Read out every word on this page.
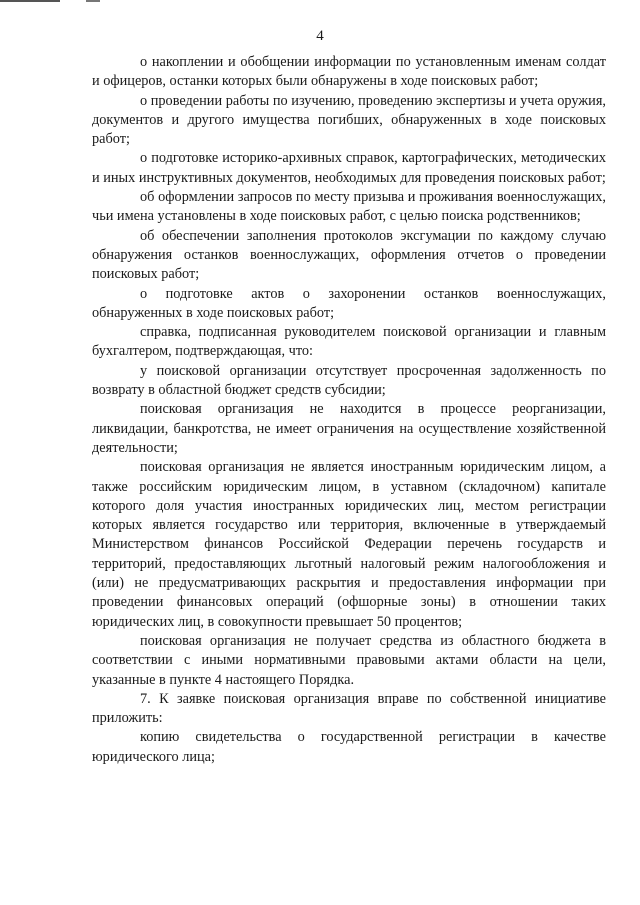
4

о накоплении и обобщении информации по установленным именам солдат и офицеров, останки которых были обнаружены в ходе поисковых работ;

о проведении работы по изучению, проведению экспертизы и учета оружия, документов и другого имущества погибших, обнаруженных в ходе поисковых работ;

о подготовке историко-архивных справок, картографических, методических и иных инструктивных документов, необходимых для проведения поисковых работ;

об оформлении запросов по месту призыва и проживания военнослужащих, чьи имена установлены в ходе поисковых работ, с целью поиска родственников;

об обеспечении заполнения протоколов эксгумации по каждому случаю обнаружения останков военнослужащих, оформления отчетов о проведении поисковых работ;

о подготовке актов о захоронении останков военнослужащих, обнаруженных в ходе поисковых работ;

справка, подписанная руководителем поисковой организации и главным бухгалтером, подтверждающая, что:

у поисковой организации отсутствует просроченная задолженность по возврату в областной бюджет средств субсидии;

поисковая организация не находится в процессе реорганизации, ликвидации, банкротства, не имеет ограничения на осуществление хозяйственной деятельности;

поисковая организация не является иностранным юридическим лицом, а также российским юридическим лицом, в уставном (складочном) капитале которого доля участия иностранных юридических лиц, местом регистрации которых является государство или территория, включенные в утверждаемый Министерством финансов Российской Федерации перечень государств и территорий, предоставляющих льготный налоговый режим налогообложения и (или) не предусматривающих раскрытия и предоставления информации при проведении финансовых операций (офшорные зоны) в отношении таких юридических лиц, в совокупности превышает 50 процентов;

поисковая организация не получает средства из областного бюджета в соответствии с иными нормативными правовыми актами области на цели, указанные в пункте 4 настоящего Порядка.

7. К заявке поисковая организация вправе по собственной инициативе приложить:

копию свидетельства о государственной регистрации в качестве юридического лица;
